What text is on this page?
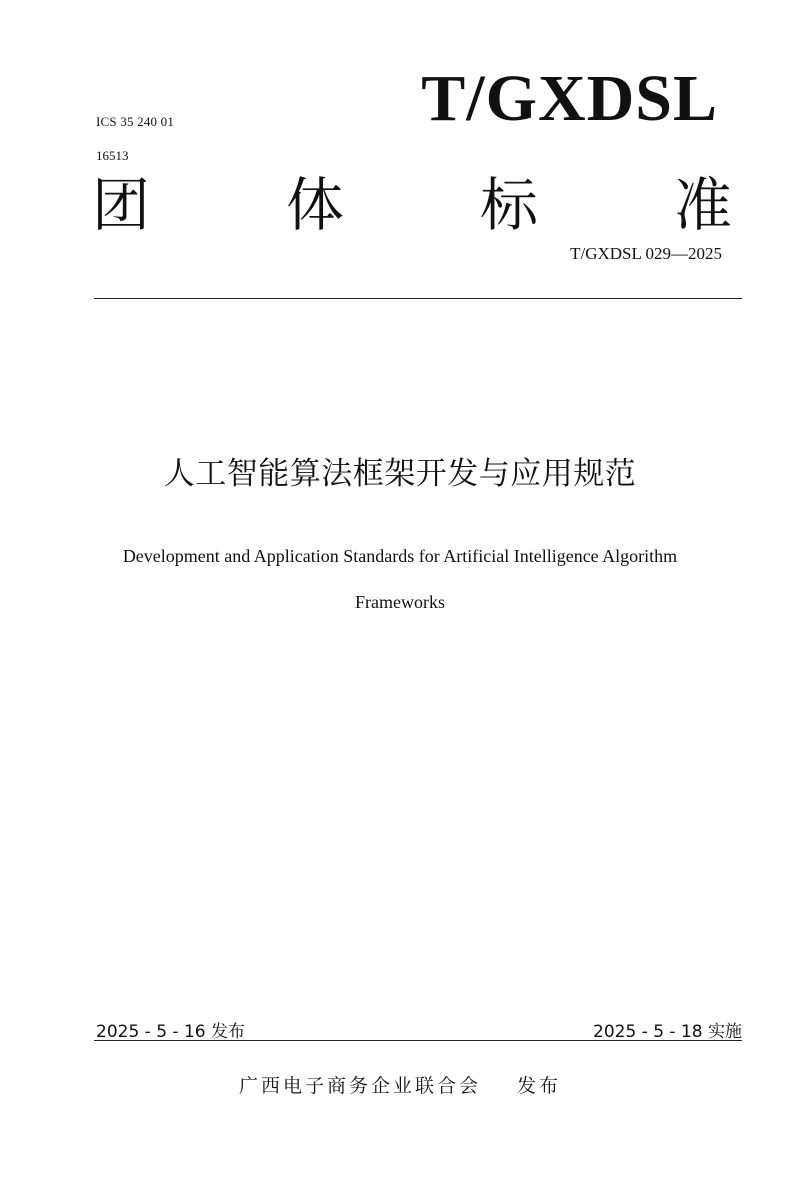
ICS 35 240 01
16513
T/GXDSL
团 体 标 准
T/GXDSL 029—2025
人工智能算法框架开发与应用规范
Development and Application Standards for Artificial Intelligence Algorithm
Frameworks
2025 - 5 - 16 发布	2025 - 5 - 18 实施
广西电子商务企业联合会 发布
